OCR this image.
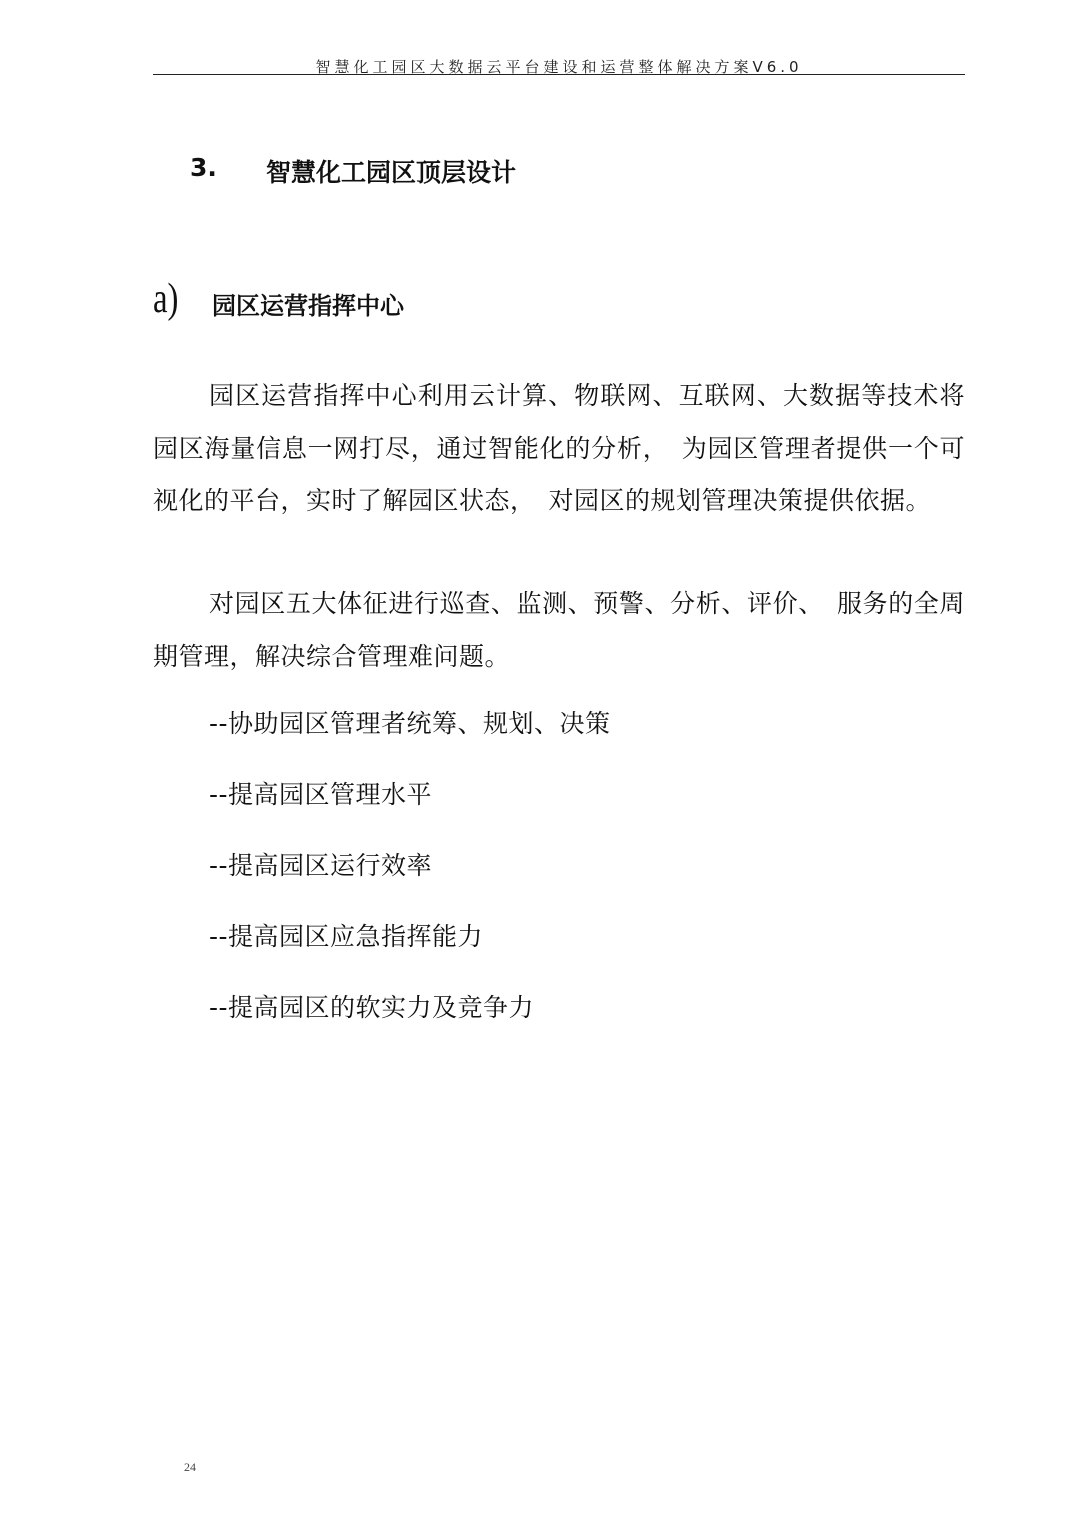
智慧化工园区大数据云平台建设和运营整体解决方案V6.0
3. 智慧化工园区顶层设计
a) 园区运营指挥中心

园区运营指挥中心利用云计算、物联网、互联网、大数据等技术将园区海量信息一网打尽，通过智能化的分析，　为园区管理者提供一个可视化的平台，实时了解园区状态，　对园区的规划管理决策提供依据。

对园区五大体征进行巡查、监测、预警、分析、评价、　服务的全周期管理，解决综合管理难问题。

--协助园区管理者统筹、规划、决策
--提高园区管理水平
--提高园区运行效率
--提高园区应急指挥能力
--提高园区的软实力及竞争力
24
